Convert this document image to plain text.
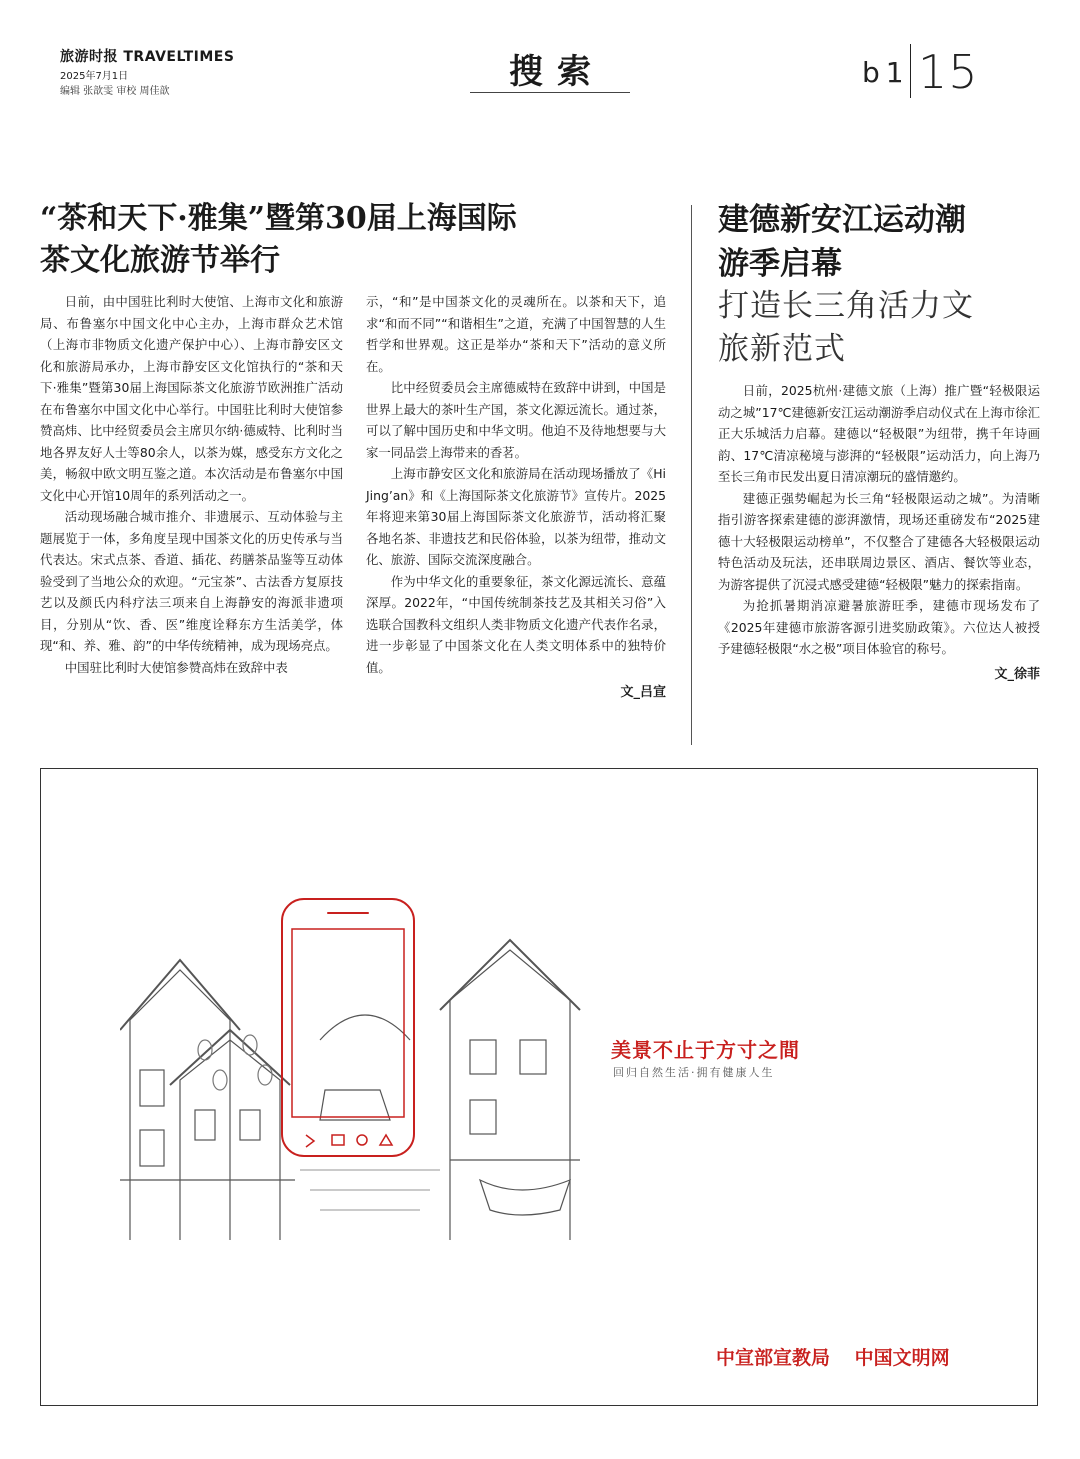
旅游时报 TRAVELTIMES
2025年7月1日
编辑 张歆雯 审校 周佳歆	搜索	b1 15
“茶和天下·雅集”暨第30届上海国际
茶文化旅游节举行

日前，由中国驻比利时大使馆、上海市文化和旅游局、布鲁塞尔中国文化中心主办，上海市群众艺术馆（上海市非物质文化遗产保护中心）、上海市静安区文化和旅游局承办，上海市静安区文化馆执行的“茶和天下·雅集”暨第30届上海国际茶文化旅游节欧洲推广活动在布鲁塞尔中国文化中心举行。中国驻比利时大使馆参赞高炜、比中经贸委员会主席贝尔纳·德威特、比利时当地各界友好人士等80余人，以茶为媒，感受东方文化之美，畅叙中欧文明互鉴之道。本次活动是布鲁塞尔中国文化中心开馆10周年的系列活动之一。

活动现场融合城市推介、非遗展示、互动体验与主题展览于一体，多角度呈现中国茶文化的历史传承与当代表达。宋式点茶、香道、插花、药膳茶品鉴等互动体验受到了当地公众的欢迎。“元宝茶”、古法香方复原技艺以及颜氏内科疗法三项来自上海静安的海派非遗项目，分别从“饮、香、医”维度诠释东方生活美学，体现“和、养、雅、韵”的中华传统精神，成为现场亮点。

中国驻比利时大使馆参赞高炜在致辞中表

示，“和”是中国茶文化的灵魂所在。以茶和天下，追求“和而不同”“和谐相生”之道，充满了中国智慧的人生哲学和世界观。这正是举办“茶和天下”活动的意义所在。

比中经贸委员会主席德威特在致辞中讲到，中国是世界上最大的茶叶生产国，茶文化源远流长。通过茶，可以了解中国历史和中华文明。他迫不及待地想要与大家一同品尝上海带来的香茗。

上海市静安区文化和旅游局在活动现场播放了《Hi　Jing’an》和《上海国际茶文化旅游节》宣传片。2025年将迎来第30届上海国际茶文化旅游节，活动将汇聚各地名茶、非遗技艺和民俗体验，以茶为纽带，推动文化、旅游、国际交流深度融合。

作为中华文化的重要象征，茶文化源远流长、意蕴深厚。2022年，“中国传统制茶技艺及其相关习俗”入选联合国教科文组织人类非物质文化遗产代表作名录，进一步彰显了中国茶文化在人类文明体系中的独特价值。

文_吕宣
建德新安江运动潮
游季启幕
打造长三角活力文
旅新范式

日前，2025杭州·建德文旅（上海）推广暨“轻极限运动之城”17℃建德新安江运动潮游季启动仪式在上海市徐汇正大乐城活力启幕。建德以“轻极限”为纽带，携千年诗画韵、17℃清凉秘境与澎湃的“轻极限”运动活力，向上海乃至长三角市民发出夏日清凉潮玩的盛情邀约。

建德正强势崛起为长三角“轻极限运动之城”。为清晰指引游客探索建德的澎湃激情，现场还重磅发布“2025建德十大轻极限运动榜单”，不仅整合了建德各大轻极限运动特色活动及玩法，还串联周边景区、酒店、餐饮等业态，为游客提供了沉浸式感受建德“轻极限”魅力的探索指南。

为抢抓暑期消凉避暑旅游旺季，建德市现场发布了《2025年建德市旅游客源引进奖励政策》。六位达人被授予建德轻极限“水之极”项目体验官的称号。

文_徐菲
美景不止于方寸之間
回归自然生活·拥有健康人生
中宣部宣教局 中国文明网
